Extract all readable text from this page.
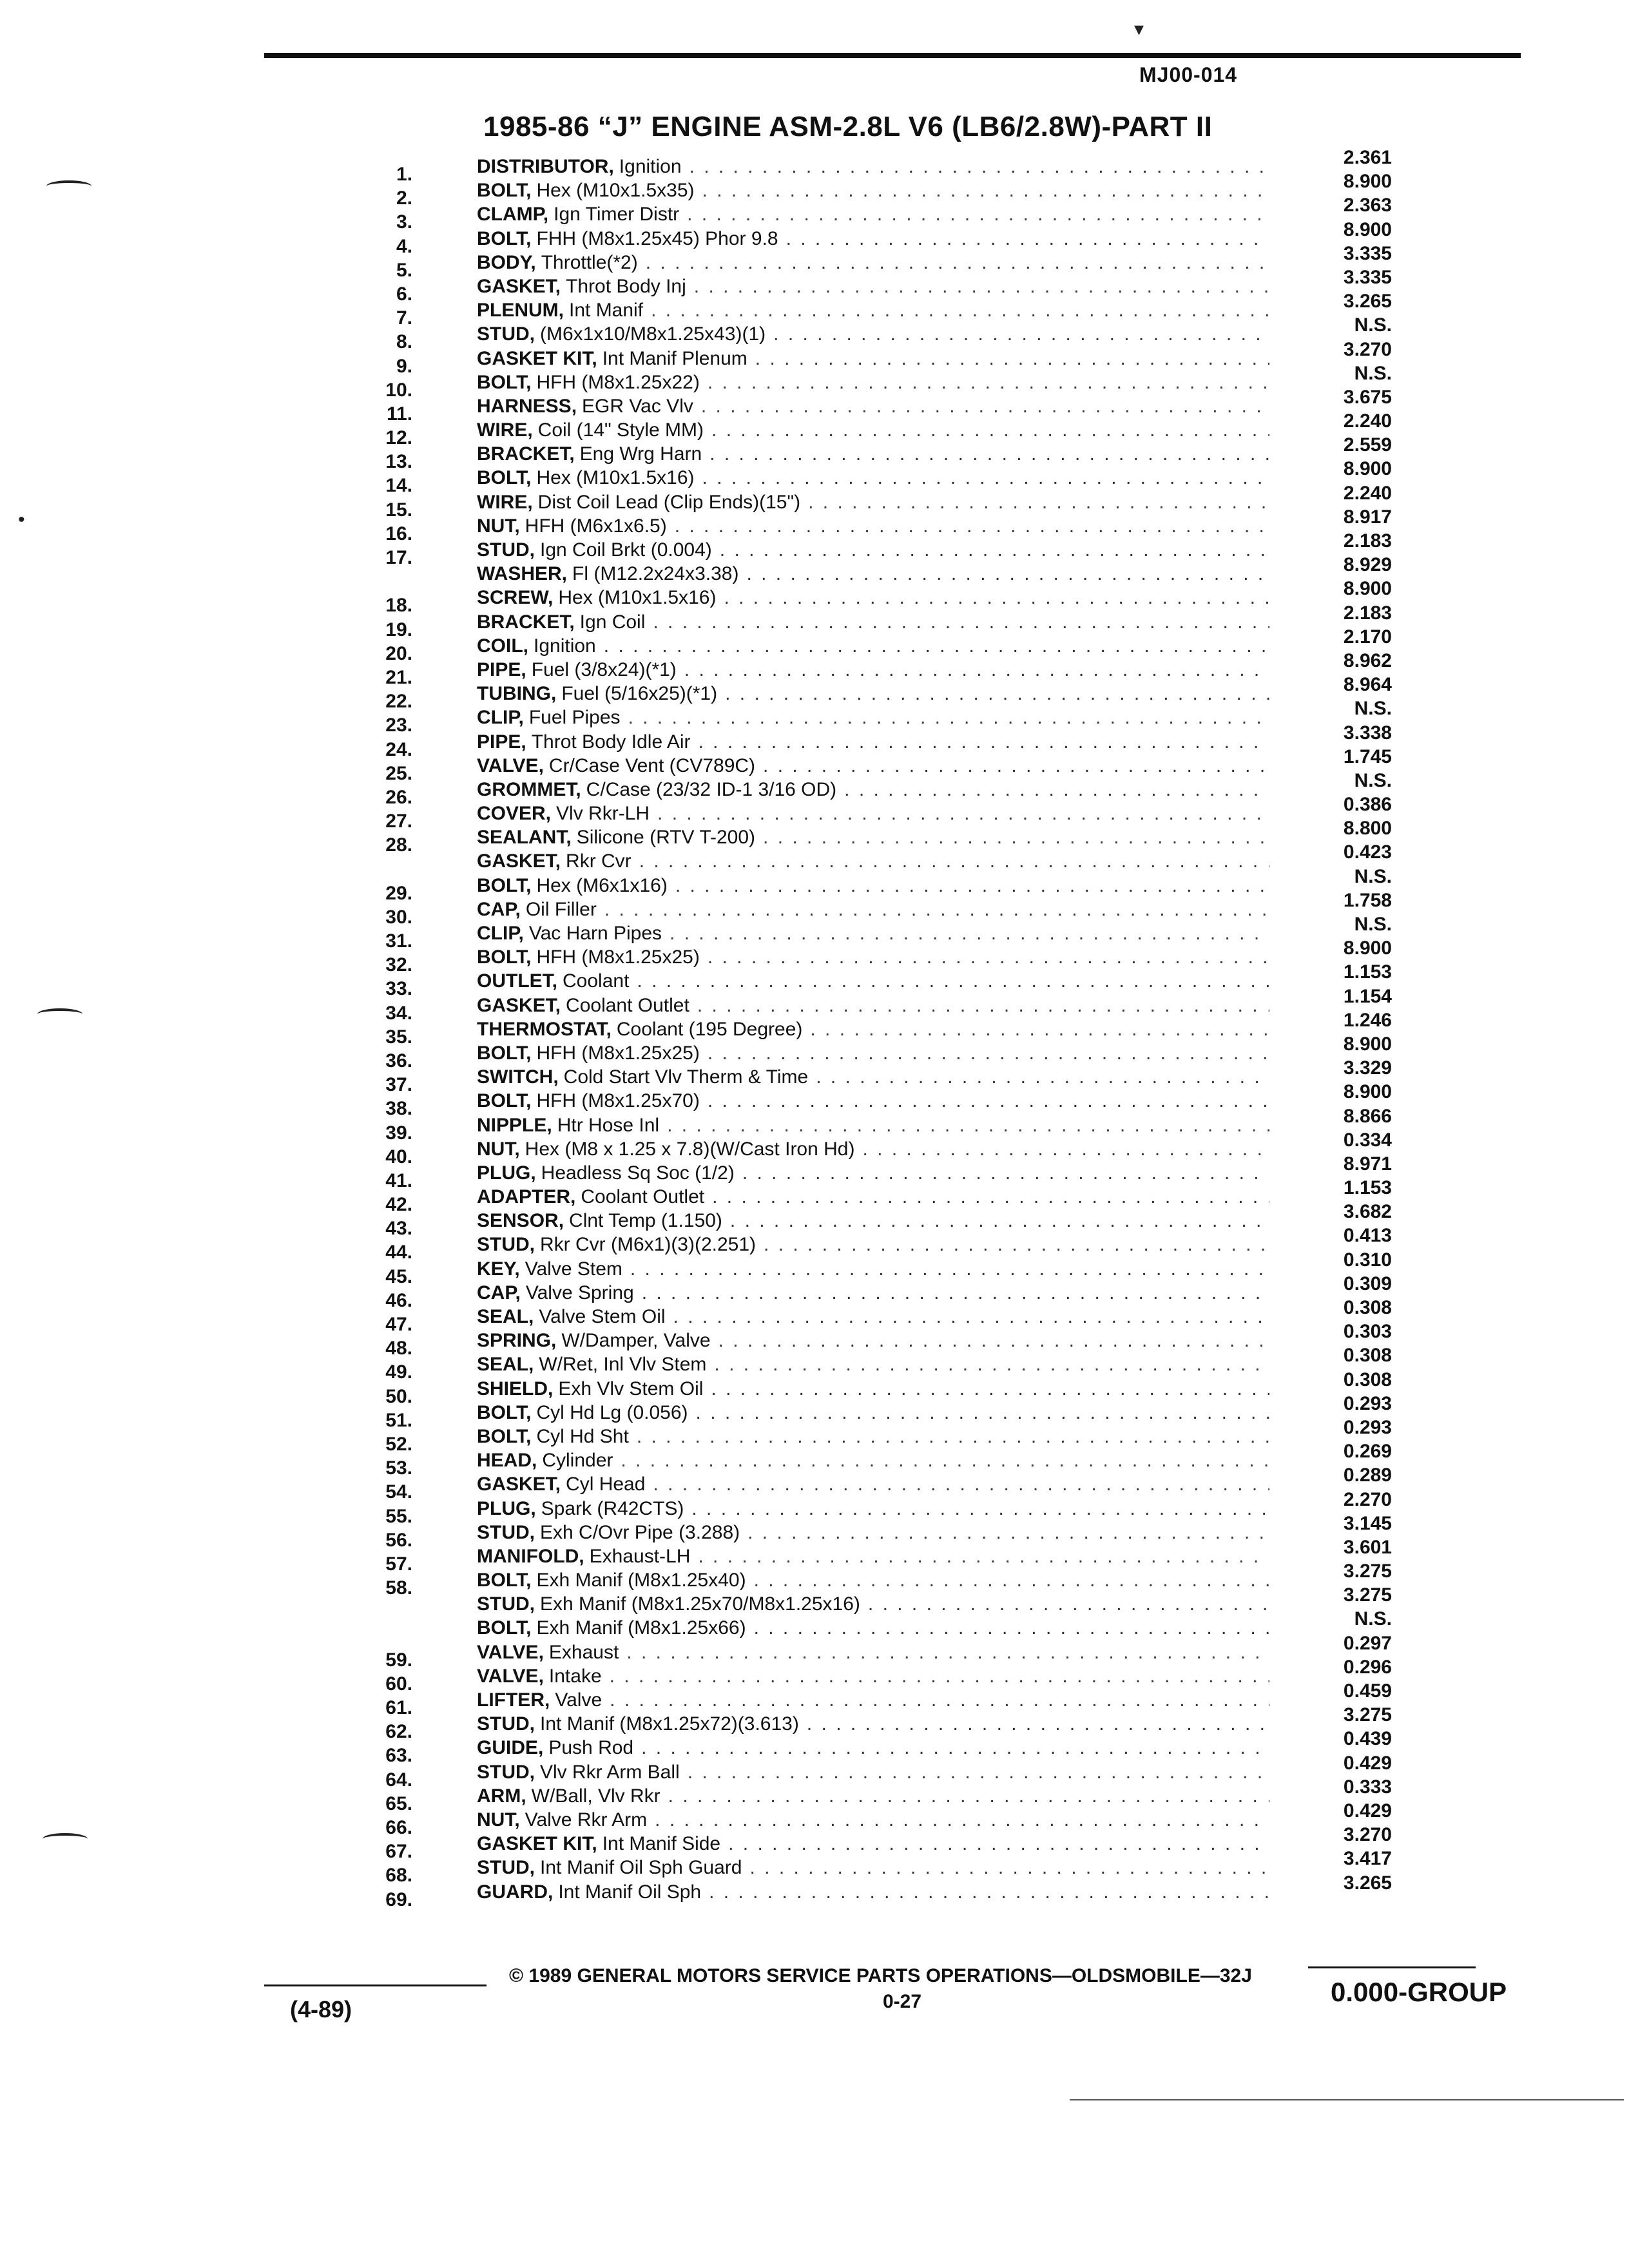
MJ00-014
1985-86 “J” ENGINE ASM-2.8L V6 (LB6/2.8W)-PART II
1.	DISTRIBUTOR, Ignition . . .	2.361
2.	BOLT, Hex (M10x1.5x35) . . .	8.900
3.	CLAMP, Ign Timer Distr . . .	2.363
4.	BOLT, FHH (M8x1.25x45) Phor 9.8 . . .	8.900
5.	BODY, Throttle(*2) . . .	3.335
6.	GASKET, Throt Body Inj . . .	3.335
7.	PLENUM, Int Manif . . .	3.265
8.	STUD, (M6x1x10/M8x1.25x43)(1) . . .	N.S.
9.	GASKET KIT, Int Manif Plenum . . .	3.270
10.	BOLT, HFH (M8x1.25x22) . . .	N.S.
11.	HARNESS, EGR Vac Vlv . . .	3.675
12.	WIRE, Coil (14" Style MM) . . .	2.240
13.	BRACKET, Eng Wrg Harn . . .	2.559
14.	BOLT, Hex (M10x1.5x16) . . .	8.900
15.	WIRE, Dist Coil Lead (Clip Ends)(15") . . .	2.240
16.	NUT, HFH (M6x1x6.5) . . .	8.917
17.	STUD, Ign Coil Brkt (0.004) . . .	2.183
WASHER, Fl (M12.2x24x3.38) . . .	8.929
18.	SCREW, Hex (M10x1.5x16) . . .	8.900
19.	BRACKET, Ign Coil . . .	2.183
20.	COIL, Ignition . . .	2.170
21.	PIPE, Fuel (3/8x24)(*1) . . .	8.962
22.	TUBING, Fuel (5/16x25)(*1) . . .	8.964
23.	CLIP, Fuel Pipes . . .	N.S.
24.	PIPE, Throt Body Idle Air . . .	3.338
25.	VALVE, Cr/Case Vent (CV789C) . . .	1.745
26.	GROMMET, C/Case (23/32 ID-1 3/16 OD) . . .	N.S.
27.	COVER, Vlv Rkr-LH . . .	0.386
28.	SEALANT, Silicone (RTV T-200) . . .	8.800
GASKET, Rkr Cvr . . .	0.423
29.	BOLT, Hex (M6x1x16) . . .	N.S.
30.	CAP, Oil Filler . . .	1.758
31.	CLIP, Vac Harn Pipes . . .	N.S.
32.	BOLT, HFH (M8x1.25x25) . . .	8.900
33.	OUTLET, Coolant . . .	1.153
34.	GASKET, Coolant Outlet . . .	1.154
35.	THERMOSTAT, Coolant (195 Degree) . . .	1.246
36.	BOLT, HFH (M8x1.25x25) . . .	8.900
37.	SWITCH, Cold Start Vlv Therm & Time . . .	3.329
38.	BOLT, HFH (M8x1.25x70) . . .	8.900
39.	NIPPLE, Htr Hose Inl . . .	8.866
40.	NUT, Hex (M8 x 1.25 x 7.8)(W/Cast Iron Hd) . . .	0.334
41.	PLUG, Headless Sq Soc (1/2) . . .	8.971
42.	ADAPTER, Coolant Outlet . . .	1.153
43.	SENSOR, Clnt Temp (1.150) . . .	3.682
44.	STUD, Rkr Cvr (M6x1)(3)(2.251) . . .	0.413
45.	KEY, Valve Stem . . .	0.310
46.	CAP, Valve Spring . . .	0.309
47.	SEAL, Valve Stem Oil . . .	0.308
48.	SPRING, W/Damper, Valve . . .	0.303
49.	SEAL, W/Ret, Inl Vlv Stem . . .	0.308
50.	SHIELD, Exh Vlv Stem Oil . . .	0.308
51.	BOLT, Cyl Hd Lg (0.056) . . .	0.293
52.	BOLT, Cyl Hd Sht . . .	0.293
53.	HEAD, Cylinder . . .	0.269
54.	GASKET, Cyl Head . . .	0.289
55.	PLUG, Spark (R42CTS) . . .	2.270
56.	STUD, Exh C/Ovr Pipe (3.288) . . .	3.145
57.	MANIFOLD, Exhaust-LH . . .	3.601
58.	BOLT, Exh Manif (M8x1.25x40) . . .	3.275
STUD, Exh Manif (M8x1.25x70/M8x1.25x16) . . .	3.275
BOLT, Exh Manif (M8x1.25x66) . . .	N.S.
59.	VALVE, Exhaust . . .	0.297
60.	VALVE, Intake . . .	0.296
61.	LIFTER, Valve . . .	0.459
62.	STUD, Int Manif (M8x1.25x72)(3.613) . . .	3.275
63.	GUIDE, Push Rod . . .	0.439
64.	STUD, Vlv Rkr Arm Ball . . .	0.429
65.	ARM, W/Ball, Vlv Rkr . . .	0.333
66.	NUT, Valve Rkr Arm . . .	0.429
67.	GASKET KIT, Int Manif Side . . .	3.270
68.	STUD, Int Manif Oil Sph Guard . . .	3.417
69.	GUARD, Int Manif Oil Sph . . .	3.265
© 1989 GENERAL MOTORS SERVICE PARTS OPERATIONS—OLDSMOBILE—32J
(4-89)	0-27	0.000-GROUP
▾
•
